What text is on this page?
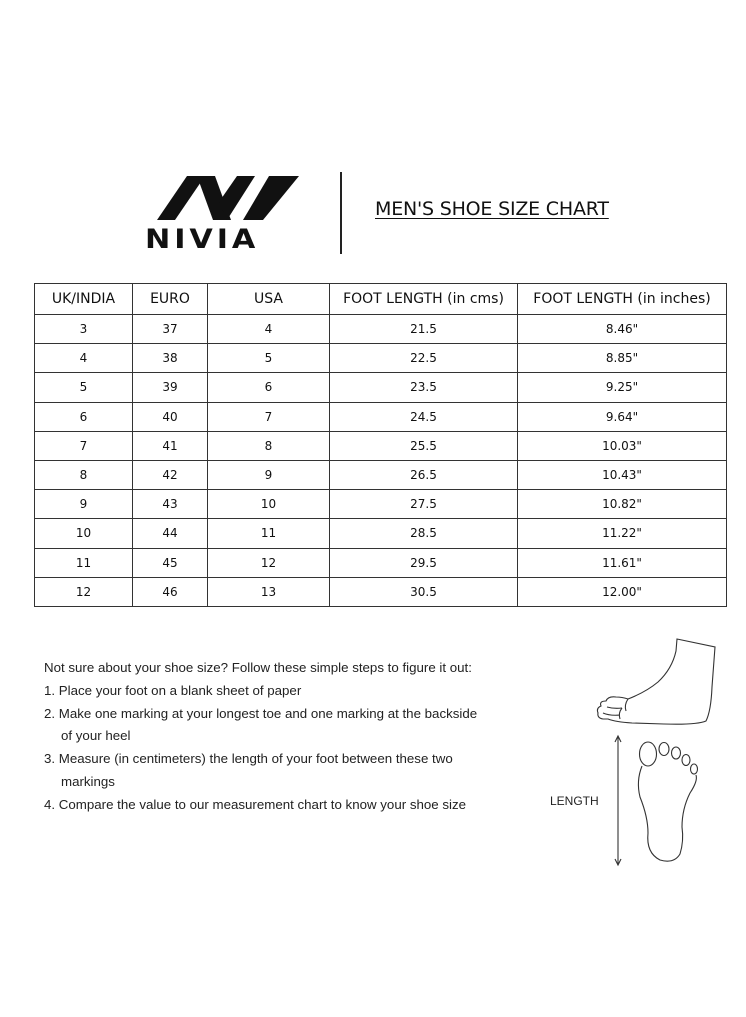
NIVIA
MEN'S SHOE SIZE CHART
UK/INDIA	EURO	USA	FOOT LENGTH (in cms)	FOOT LENGTH (in inches)
3	37	4	21.5	8.46"
4	38	5	22.5	8.85"
5	39	6	23.5	9.25"
6	40	7	24.5	9.64"
7	41	8	25.5	10.03"
8	42	9	26.5	10.43"
9	43	10	27.5	10.82"
10	44	11	28.5	11.22"
11	45	12	29.5	11.61"
12	46	13	30.5	12.00"

Not sure about your shoe size? Follow these simple steps to figure it out:

1. Place your foot on a blank sheet of paper

2. Make one marking at your longest toe and one marking at the backside

of your heel

3. Measure (in centimeters) the length of your foot between these two

markings

4. Compare the value to our measurement chart to know your shoe size	LENGTH
